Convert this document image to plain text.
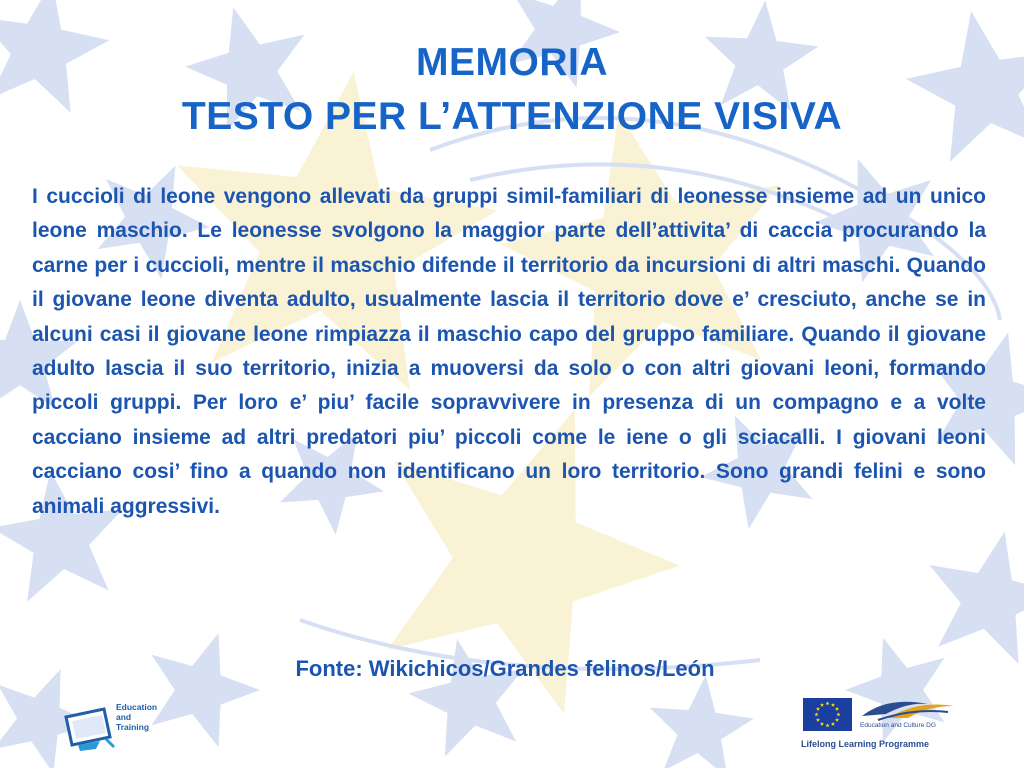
MEMORIA
TESTO PER L’ATTENZIONE VISIVA

I cuccioli di leone vengono allevati da gruppi simil-familiari di leonesse insieme ad un unico leone maschio. Le leonesse svolgono la maggior parte dell’attivita’ di caccia procurando la carne per i cuccioli, mentre il maschio difende il territorio da incursioni di altri maschi. Quando il giovane leone diventa adulto, usualmente lascia il territorio dove e’ cresciuto, anche se in alcuni casi il giovane leone rimpiazza il maschio capo del gruppo familiare. Quando il giovane adulto lascia il suo territorio, inizia a muoversi da solo o con altri giovani leoni, formando piccoli gruppi. Per loro e’ piu’ facile sopravvivere in presenza di un compagno e a volte cacciano insieme ad altri predatori piu’ piccoli come le iene o gli sciacalli. I giovani leoni cacciano cosi’ fino a quando non identificano un loro territorio. Sono grandi felini e sono animali aggressivi.

Fonte: Wikichicos/Grandes felinos/León

Education
and
Training	Education and Culture DG
Lifelong Learning Programme
